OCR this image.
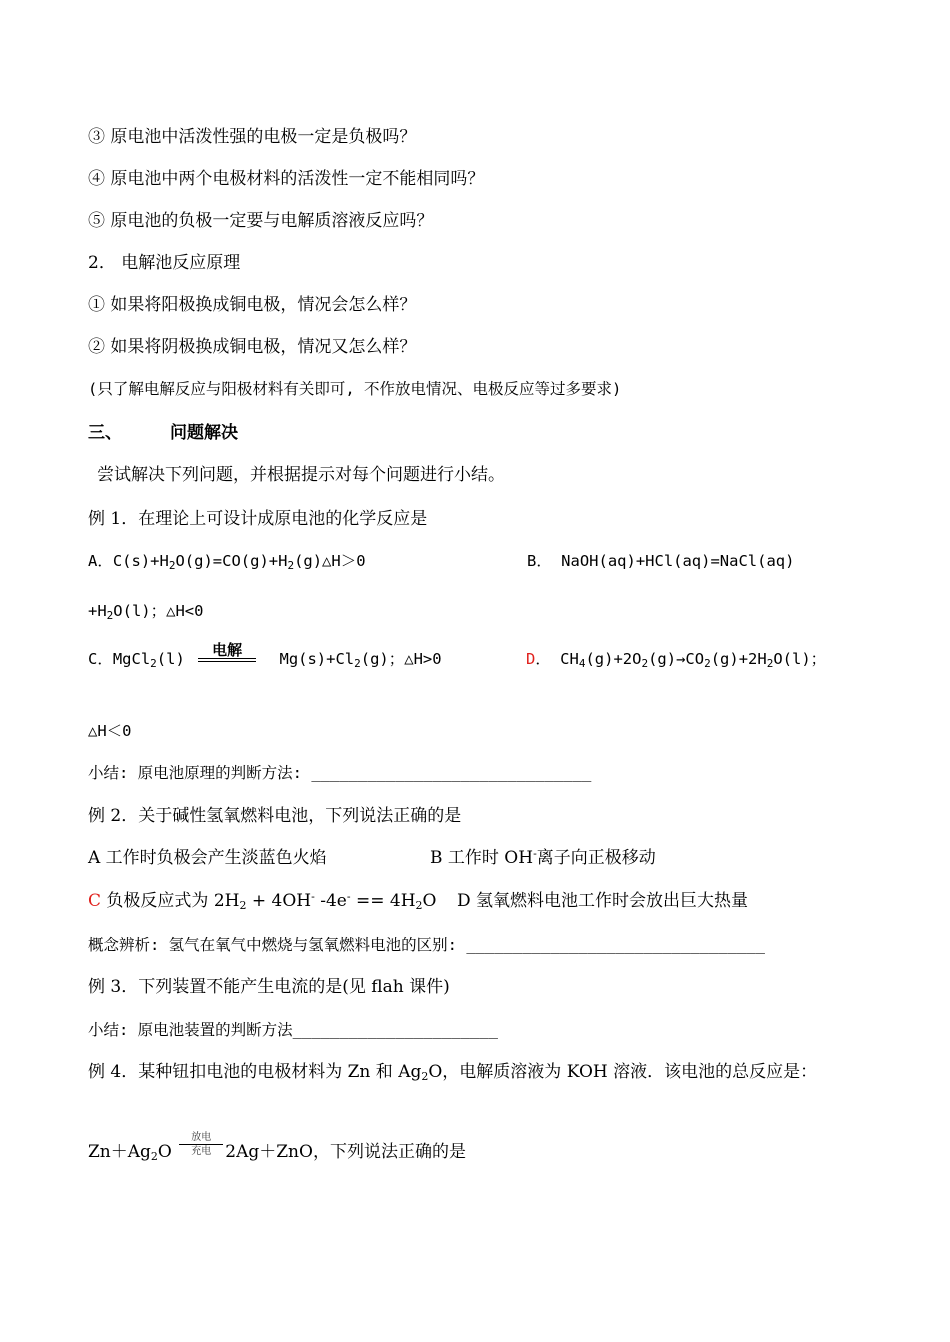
③ 原电池中活泼性强的电极一定是负极吗？
④ 原电池中两个电极材料的活泼性一定不能相同吗？
⑤ 原电池的负极一定要与电解质溶液反应吗？
2． 电解池反应原理
① 如果将阳极换成铜电极，情况会怎么样？
② 如果将阴极换成铜电极，情况又怎么样？
(只了解电解反应与阳极材料有关即可, 不作放电情况、电极反应等过多要求)
三、	问题解决
尝试解决下列问题，并根据提示对每个问题进行小结。
例 1．在理论上可设计成原电池的化学反应是
A．$C(s)+H_2O(g)=CO(g)+H_2(g)\triangle H>0$	B． NaOH(aq)+HCl(aq)=NaCl(aq)
$+H_2O(l)$；△H<0
C．MgCl$_2$(l)
电解
$Mg(s)+Cl_2(g)$；△H>0	D． $CH_4(g)+2O_2(g)\to CO_2(g)+2H_2O(l)$；
△H＜0
小结: 原电池原理的判断方法: ______________________________
例 2．关于碱性氢氧燃料电池，下列说法正确的是
A 工作时负极会产生淡蓝色火焰	B 工作时 OH-离子向正极移动
C 负极反应式为 $2H_2 + 4OH^-$ $-4e^- == 4H_2O$ D 氢氧燃料电池工作时会放出巨大热量
概念辨析: 氢气在氧气中燃烧与氢氧燃料电池的区别: ________________________________
例 3．下列装置不能产生电流的是(见 flah 课件)
小结: 原电池装置的判断方法______________________
例 4．某种钮扣电池的电极材料为 Zn 和 $Ag_2O$，电解质溶液为 KOH 溶液．该电池的总反应是：
$Zn+Ag_2O$
放电
充电 2Ag＋ZnO，下列说法正确的是
